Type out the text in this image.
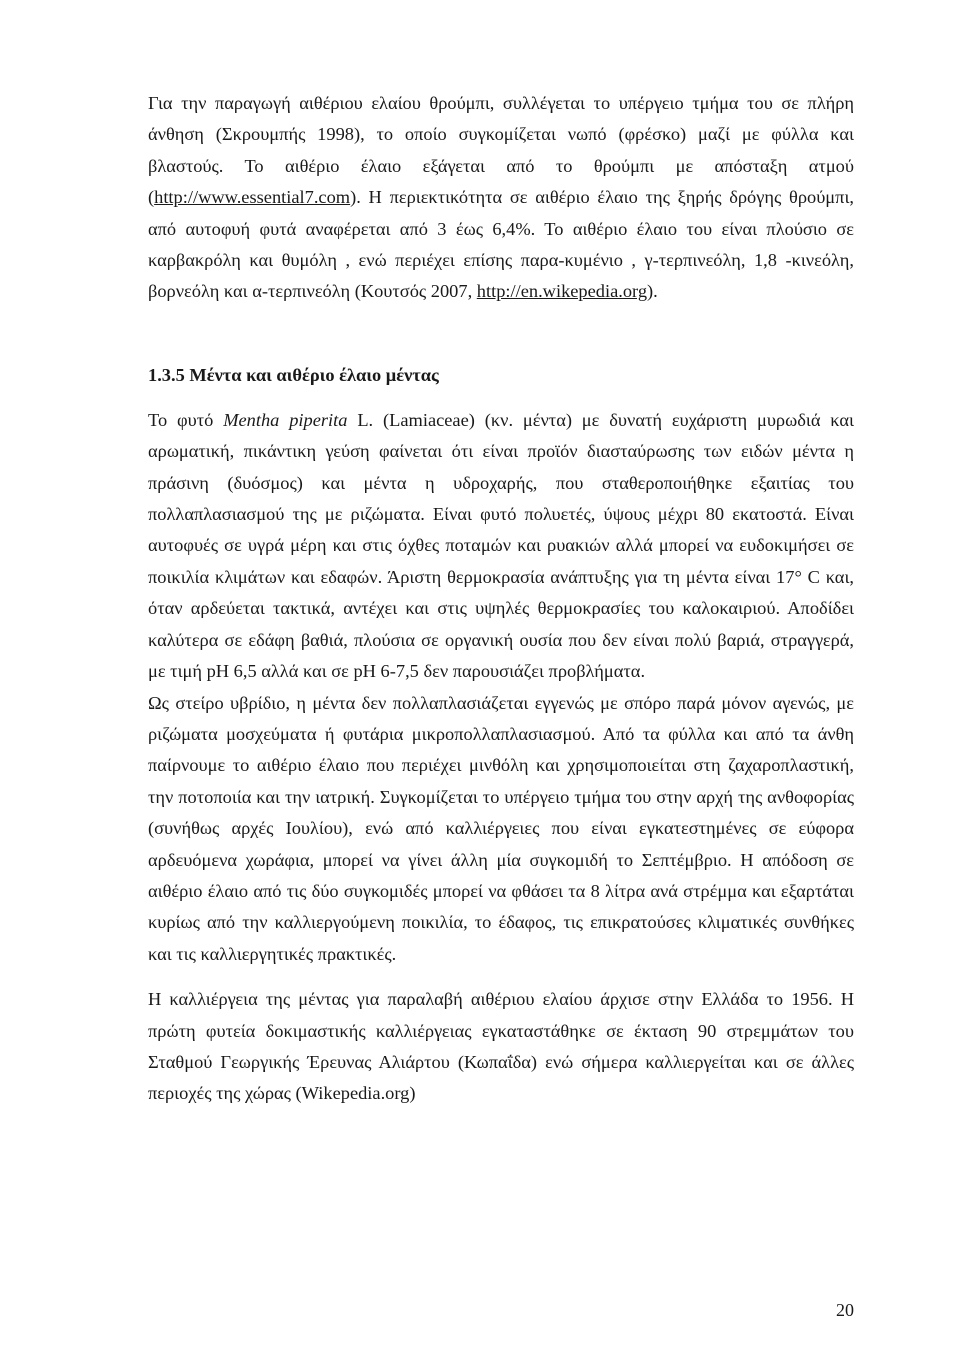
Για την παραγωγή αιθέριου ελαίου θρούμπι, συλλέγεται το υπέργειο τμήμα του σε πλήρη άνθηση (Σκρουμπής 1998), το οποίο συγκομίζεται νωπό (φρέσκο) μαζί με φύλλα και βλαστούς. Το αιθέριο έλαιο εξάγεται από το θρούμπι με απόσταξη ατμού (http://www.essential7.com). Η περιεκτικότητα σε αιθέριο έλαιο της ξηρής δρόγης θρούμπι, από αυτοφυή φυτά αναφέρεται από 3 έως 6,4%. Το αιθέριο έλαιο του είναι πλούσιο σε καρβακρόλη και θυμόλη , ενώ περιέχει επίσης παρα-κυμένιο , γ-τερπινεόλη, 1,8 -κινεόλη, βορνεόλη και α-τερπινεόλη (Κουτσός 2007, http://en.wikepedia.org).

1.3.5 Μέντα και αιθέριο έλαιο μέντας

Το φυτό Mentha piperita L. (Lamiaceae) (κν. μέντα) με δυνατή ευχάριστη μυρωδιά και αρωματική, πικάντικη γεύση φαίνεται ότι είναι προϊόν διασταύρωσης των ειδών μέντα η πράσινη (δυόσμος) και μέντα η υδροχαρής, που σταθεροποιήθηκε εξαιτίας του πολλαπλασιασμού της με ριζώματα. Είναι φυτό πολυετές, ύψους μέχρι 80 εκατοστά. Είναι αυτοφυές σε υγρά μέρη και στις όχθες ποταμών και ρυακιών αλλά μπορεί να ευδοκιμήσει σε ποικιλία κλιμάτων και εδαφών. Άριστη θερμοκρασία ανάπτυξης για τη μέντα είναι 17° C και, όταν αρδεύεται τακτικά, αντέχει και στις υψηλές θερμοκρασίες του καλοκαιριού. Αποδίδει καλύτερα σε εδάφη βαθιά, πλούσια σε οργανική ουσία που δεν είναι πολύ βαριά, στραγγερά, με τιμή pH 6,5 αλλά και σε pH 6-7,5 δεν παρουσιάζει προβλήματα.

Ως στείρο υβρίδιο, η μέντα δεν πολλαπλασιάζεται εγγενώς με σπόρο παρά μόνον αγενώς, με ριζώματα μοσχεύματα ή φυτάρια μικροπολλαπλασιασμού. Από τα φύλλα και από τα άνθη παίρνουμε το αιθέριο έλαιο που περιέχει μινθόλη και χρησιμοποιείται στη ζαχαροπλαστική, την ποτοποιία και την ιατρική. Συγκομίζεται το υπέργειο τμήμα του στην αρχή της ανθοφορίας (συνήθως αρχές Ιουλίου), ενώ από καλλιέργειες που είναι εγκατεστημένες σε εύφορα αρδευόμενα χωράφια, μπορεί να γίνει άλλη μία συγκομιδή το Σεπτέμβριο. Η απόδοση σε αιθέριο έλαιο από τις δύο συγκομιδές μπορεί να φθάσει τα 8 λίτρα ανά στρέμμα και εξαρτάται κυρίως από την καλλιεργούμενη ποικιλία, το έδαφος, τις επικρατούσες κλιματικές συνθήκες και τις καλλιεργητικές πρακτικές.

Η καλλιέργεια της μέντας για παραλαβή αιθέριου ελαίου άρχισε στην Ελλάδα το 1956. Η πρώτη φυτεία δοκιμαστικής καλλιέργειας εγκαταστάθηκε σε έκταση 90 στρεμμάτων του Σταθμού Γεωργικής Έρευνας Αλιάρτου (Κωπαΐδα) ενώ σήμερα καλλιεργείται και σε άλλες περιοχές της χώρας (Wikepedia.org)

20
